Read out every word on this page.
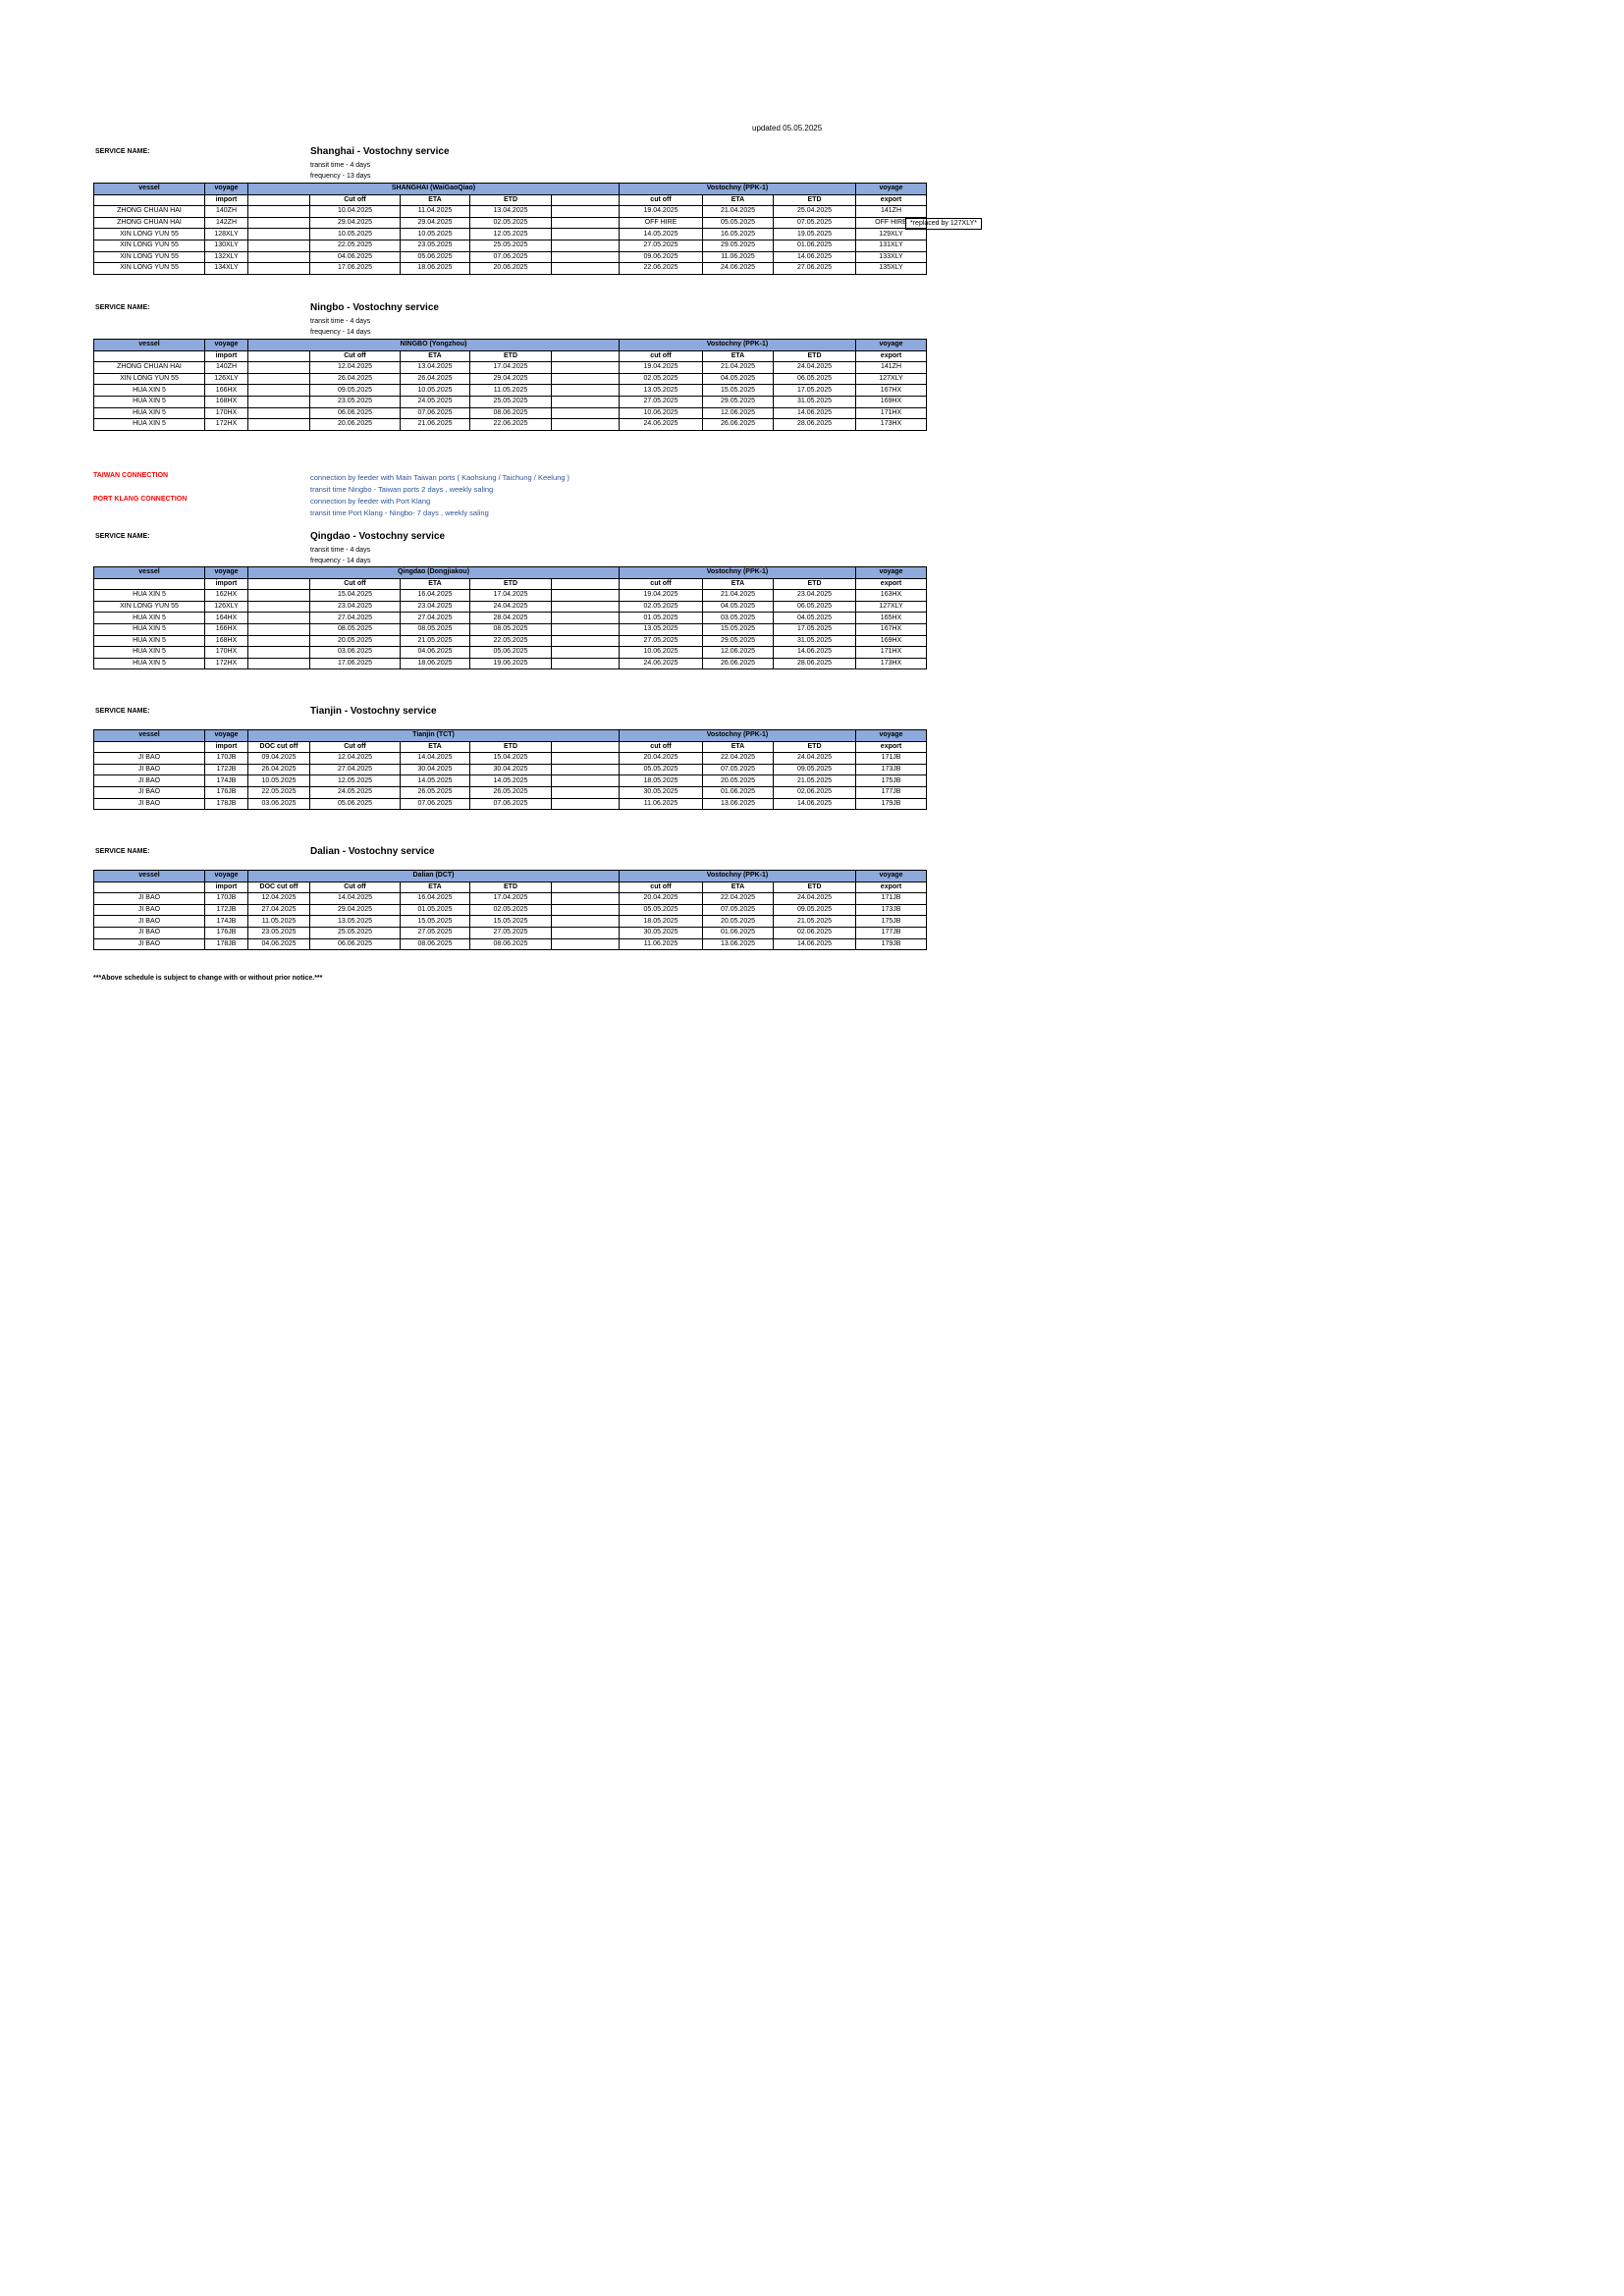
updated 05.05.2025
SERVICE NAME:	Shanghai - Vostochny service
transit time - 4 days
frequency - 13 days
vessel	voyage	SHANGHAI (WaiGaoQiao)					Vostochny (PPK-1)			voyage
	import		Cut off	ETA	ETD		cut off	ETA	ETD	export
ZHONG CHUAN HAI	140ZH		10.04.2025	11.04.2025	13.04.2025		19.04.2025	21.04.2025	25.04.2025	141ZH
ZHONG CHUAN HAI	142ZH		29.04.2025	29.04.2025	02.05.2025		OFF HIRE	05.05.2025	07.05.2025	OFF HIRE
XIN LONG YUN 55	128XLY		10.05.2025	10.05.2025	12.05.2025		14.05.2025	16.05.2025	19.05.2025	129XLY
XIN LONG YUN 55	130XLY		22.05.2025	23.05.2025	25.05.2025		27.05.2025	29.05.2025	01.06.2025	131XLY
XIN LONG YUN 55	132XLY		04.06.2025	05.06.2025	07.06.2025		09.06.2025	11.06.2025	14.06.2025	133XLY
XIN LONG YUN 55	134XLY		17.06.2025	18.06.2025	20.06.2025		22.06.2025	24.06.2025	27.06.2025	135XLY
*replaced by 127XLY*
SERVICE NAME:	Ningbo - Vostochny service
transit time - 4 days
frequency - 14 days
vessel	voyage	NINGBO (Yongzhou)					Vostochny (PPK-1)			voyage
	import		Cut off	ETA	ETD		cut off	ETA	ETD	export
ZHONG CHUAN HAI	140ZH		12.04.2025	13.04.2025	17.04.2025		19.04.2025	21.04.2025	24.04.2025	141ZH
XIN LONG YUN 55	126XLY		26.04.2025	26.04.2025	29.04.2025		02.05.2025	04.05.2025	06.05.2025	127XLY
HUA XIN 5	166HX		09.05.2025	10.05.2025	11.05.2025		13.05.2025	15.05.2025	17.05.2025	167HX
HUA XIN 5	168HX		23.05.2025	24.05.2025	25.05.2025		27.05.2025	29.05.2025	31.05.2025	169HX
HUA XIN 5	170HX		06.06.2025	07.06.2025	08.06.2025		10.06.2025	12.06.2025	14.06.2025	171HX
HUA XIN 5	172HX		20.06.2025	21.06.2025	22.06.2025		24.06.2025	26.06.2025	28.06.2025	173HX
SERVICE NAME:	Qingdao - Vostochny service
transit time - 4 days
frequency - 14 days
vessel	voyage	Qingdao (Dongjiakou)					Vostochny (PPK-1)			voyage
	import		Cut off	ETA	ETD		cut off	ETA	ETD	export
HUA XIN 5	162HX		15.04.2025	16.04.2025	17.04.2025		19.04.2025	21.04.2025	23.04.2025	163HX
XIN LONG YUN 55	126XLY		23.04.2025	23.04.2025	24.04.2025		02.05.2025	04.05.2025	06.05.2025	127XLY
HUA XIN 5	164HX		27.04.2025	27.04.2025	28.04.2025		01.05.2025	03.05.2025	04.05.2025	165HX
HUA XIN 5	166HX		08.05.2025	08.05.2025	08.05.2025		13.05.2025	15.05.2025	17.05.2025	167HX
HUA XIN 5	168HX		20.05.2025	21.05.2025	22.05.2025		27.05.2025	29.05.2025	31.05.2025	169HX
HUA XIN 5	170HX		03.06.2025	04.06.2025	05.06.2025		10.06.2025	12.06.2025	14.06.2025	171HX
HUA XIN 5	172HX		17.06.2025	18.06.2025	19.06.2025		24.06.2025	26.06.2025	28.06.2025	173HX
SERVICE NAME:	Tianjin - Vostochny service
vessel	voyage	Tianjin (TCT)					Vostochny (PPK-1)			voyage
	import	DOC cut off	Cut off	ETA	ETD		cut off	ETA	ETD	export
JI BAO	170JB	09.04.2025	12.04.2025	14.04.2025	15.04.2025		20.04.2025	22.04.2025	24.04.2025	171JB
JI BAO	172JB	26.04.2025	27.04.2025	30.04.2025	30.04.2025		05.05.2025	07.05.2025	09.05.2025	173JB
JI BAO	174JB	10.05.2025	12.05.2025	14.05.2025	14.05.2025		18.05.2025	20.05.2025	21.05.2025	175JB
JI BAO	176JB	22.05.2025	24.05.2025	26.05.2025	26.05.2025		30.05.2025	01.06.2025	02.06.2025	177JB
JI BAO	178JB	03.06.2025	05.06.2025	07.06.2025	07.06.2025		11.06.2025	13.06.2025	14.06.2025	179JB
SERVICE NAME:	Dalian - Vostochny service
vessel	voyage	Dalian (DCT)					Vostochny (PPK-1)			voyage
	import	DOC cut off	Cut off	ETA	ETD		cut off	ETA	ETD	export
JI BAO	170JB	12.04.2025	14.04.2025	16.04.2025	17.04.2025		20.04.2025	22.04.2025	24.04.2025	171JB
JI BAO	172JB	27.04.2025	29.04.2025	01.05.2025	02.05.2025		05.05.2025	07.05.2025	09.05.2025	173JB
JI BAO	174JB	11.05.2025	13.05.2025	15.05.2025	15.05.2025		18.05.2025	20.05.2025	21.05.2025	175JB
JI BAO	176JB	23.05.2025	25.05.2025	27.05.2025	27.05.2025		30.05.2025	01.06.2025	02.06.2025	177JB
JI BAO	178JB	04.06.2025	06.06.2025	08.06.2025	08.06.2025		11.06.2025	13.06.2025	14.06.2025	179JB
TAIWAN CONNECTION	connection by feeder with Main Taiwan ports ( Kaohsiung / Taichung / Keelung )
transit time Ningbo - Taiwan ports 2 days , weekly saling
PORT KLANG CONNECTION	connection by feeder with Port Klang
transit time Port Klang - Ningbo- 7 days , weekly saling
***Above schedule is subject to change with or without prior notice.***
